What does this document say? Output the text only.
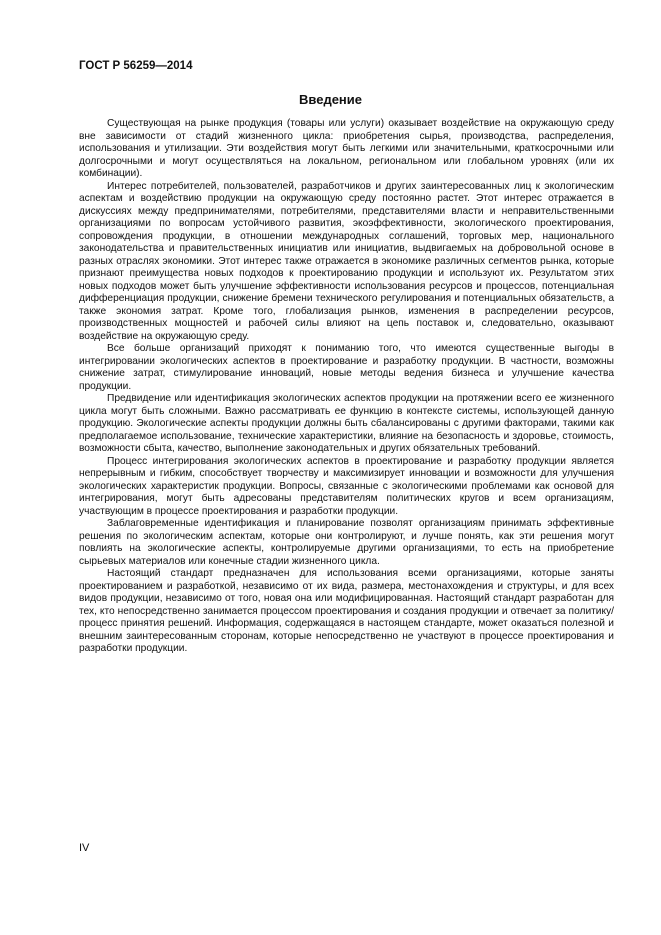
ГОСТ Р 56259—2014
Введение

Существующая на рынке продукция (товары или услуги) оказывает воздействие на окружающую среду вне зависимости от стадий жизненного цикла: приобретения сырья, производства, распределения, использования и утилизации. Эти воздействия могут быть легкими или значительными, краткосрочными или долгосрочными и могут осуществляться на локальном, региональном или глобальном уровнях (или их комбинации).

Интерес потребителей, пользователей, разработчиков и других заинтересованных лиц к экологическим аспектам и воздействию продукции на окружающую среду постоянно растет. Этот интерес отражается в дискуссиях между предпринимателями, потребителями, представителями власти и неправительственными организациями по вопросам устойчивого развития, экоэффективности, экологического проектирования, сопровождения продукции, в отношении международных соглашений, торговых мер, национального законодательства и правительственных инициатив или инициатив, выдвигаемых на добровольной основе в разных отраслях экономики. Этот интерес также отражается в экономике различных сегментов рынка, которые признают преимущества новых подходов к проектированию продукции и используют их. Результатом этих новых подходов может быть улучшение эффективности использования ресурсов и процессов, потенциальная дифференциация продукции, снижение бремени технического регулирования и потенциальных обязательств, а также экономия затрат. Кроме того, глобализация рынков, изменения в распределении ресурсов, производственных мощностей и рабочей силы влияют на цепь поставок и, следовательно, оказывают воздействие на окружающую среду.

Все больше организаций приходят к пониманию того, что имеются существенные выгоды в интегрировании экологических аспектов в проектирование и разработку продукции. В частности, возможны снижение затрат, стимулирование инноваций, новые методы ведения бизнеса и улучшение качества продукции.

Предвидение или идентификация экологических аспектов продукции на протяжении всего ее жизненного цикла могут быть сложными. Важно рассматривать ее функцию в контексте системы, использующей данную продукцию. Экологические аспекты продукции должны быть сбалансированы с другими факторами, такими как предполагаемое использование, технические характеристики, влияние на безопасность и здоровье, стоимость, возможности сбыта, качество, выполнение законодательных и других обязательных требований.

Процесс интегрирования экологических аспектов в проектирование и разработку продукции является непрерывным и гибким, способствует творчеству и максимизирует инновации и возможности для улучшения экологических характеристик продукции. Вопросы, связанные с экологическими проблемами как основой для интегрирования, могут быть адресованы представителям политических кругов и всем организациям, участвующим в процессе проектирования и разработки продукции.

Заблаговременные идентификация и планирование позволят организациям принимать эффективные решения по экологическим аспектам, которые они контролируют, и лучше понять, как эти решения могут повлиять на экологические аспекты, контролируемые другими организациями, то есть на приобретение сырьевых материалов или конечные стадии жизненного цикла.

Настоящий стандарт предназначен для использования всеми организациями, которые заняты проектированием и разработкой, независимо от их вида, размера, местонахождения и структуры, и для всех видов продукции, независимо от того, новая она или модифицированная. Настоящий стандарт разработан для тех, кто непосредственно занимается процессом проектирования и создания продукции и отвечает за политику/процесс принятия решений. Информация, содержащаяся в настоящем стандарте, может оказаться полезной и внешним заинтересованным сторонам, которые непосредственно не участвуют в процессе проектирования и разработки продукции.

IV
